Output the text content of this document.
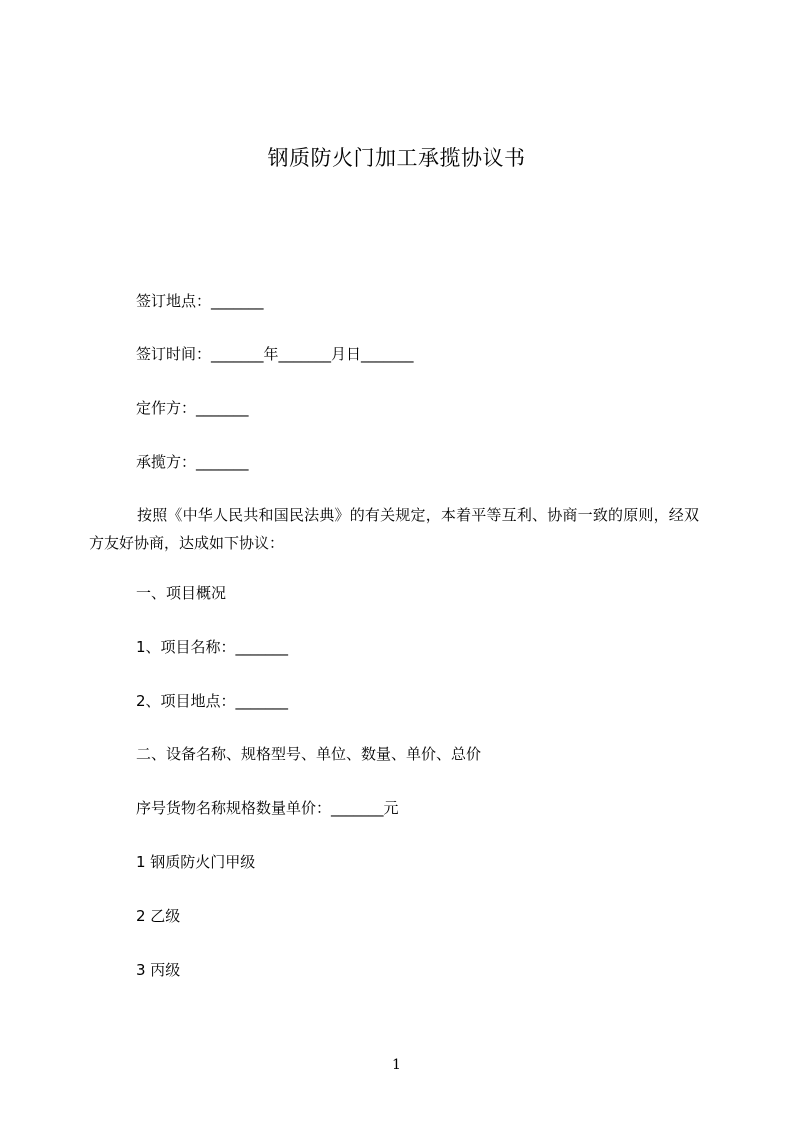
钢质防火门加工承揽协议书
签订地点：_______
签订时间：_______年_______月日_______
定作方：_______
承揽方：_______
按照《中华人民共和国民法典》的有关规定，本着平等互利、协商一致的原则，经双方友好协商，达成如下协议：
一、项目概况
1、项目名称：_______
2、项目地点：_______
二、设备名称、规格型号、单位、数量、单价、总价
序号货物名称规格数量单价：_______元
1 钢质防火门甲级
2 乙级
3 丙级
1
